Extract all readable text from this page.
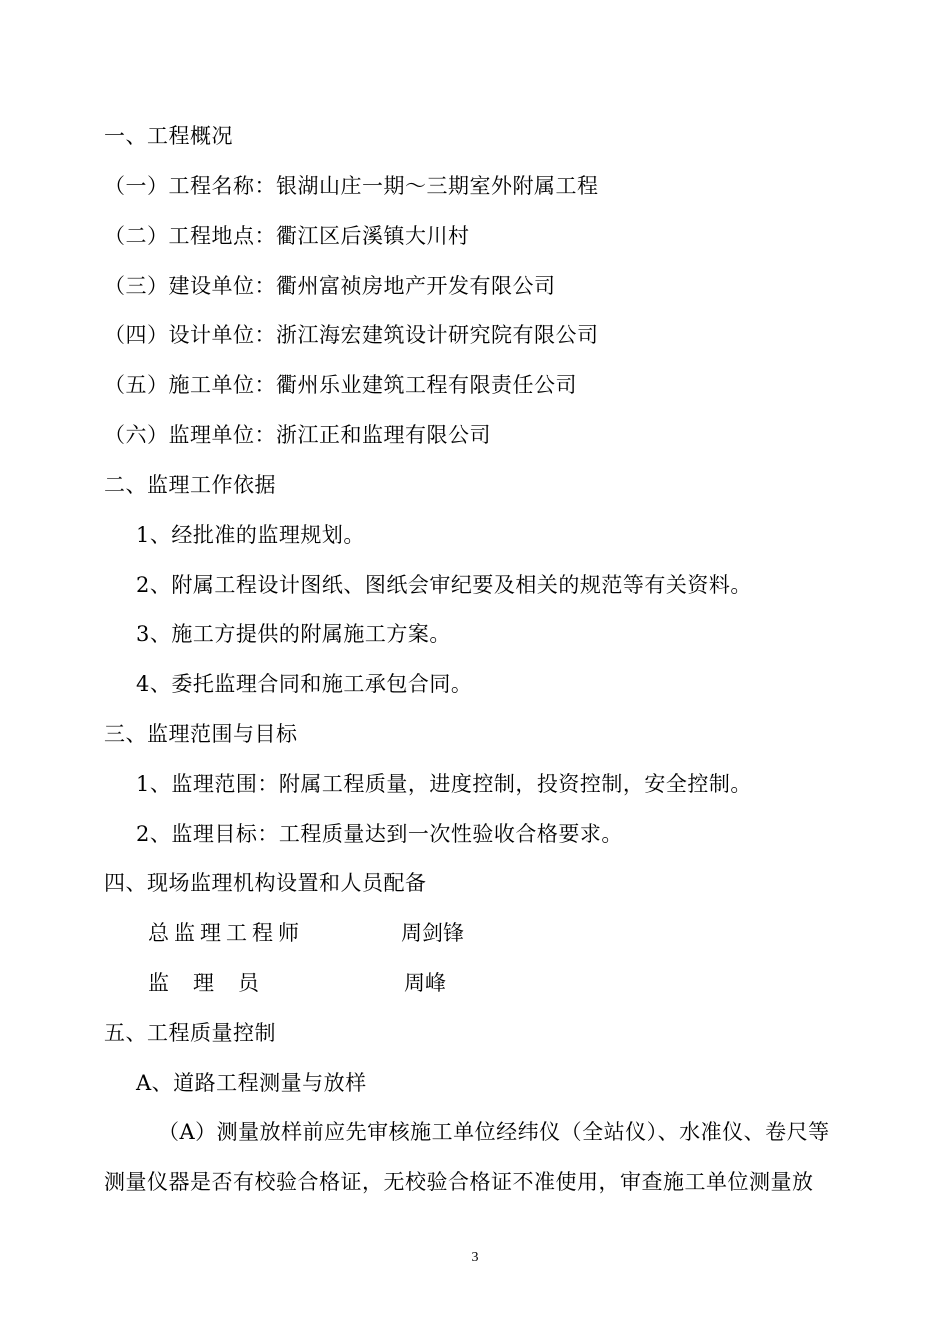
一、工程概况
（一）工程名称：银湖山庄一期～三期室外附属工程
（二）工程地点：衢江区后溪镇大川村
（三）建设单位：衢州富祯房地产开发有限公司
（四）设计单位：浙江海宏建筑设计研究院有限公司
（五）施工单位：衢州乐业建筑工程有限责任公司
（六）监理单位：浙江正和监理有限公司
二、监理工作依据
1、经批准的监理规划。
2、附属工程设计图纸、图纸会审纪要及相关的规范等有关资料。
3、施工方提供的附属施工方案。
4、委托监理合同和施工承包合同。
三、监理范围与目标
1、监理范围：附属工程质量，进度控制，投资控制，安全控制。
2、监理目标：工程质量达到一次性验收合格要求。
四、现场监理机构设置和人员配备
总监理工程师	周剑锋
监理员	周峰
五、工程质量控制
A、道路工程测量与放样
（A）测量放样前应先审核施工单位经纬仪（全站仪）、水准仪、卷尺等
测量仪器是否有校验合格证，无校验合格证不准使用，审查施工单位测量放
3
